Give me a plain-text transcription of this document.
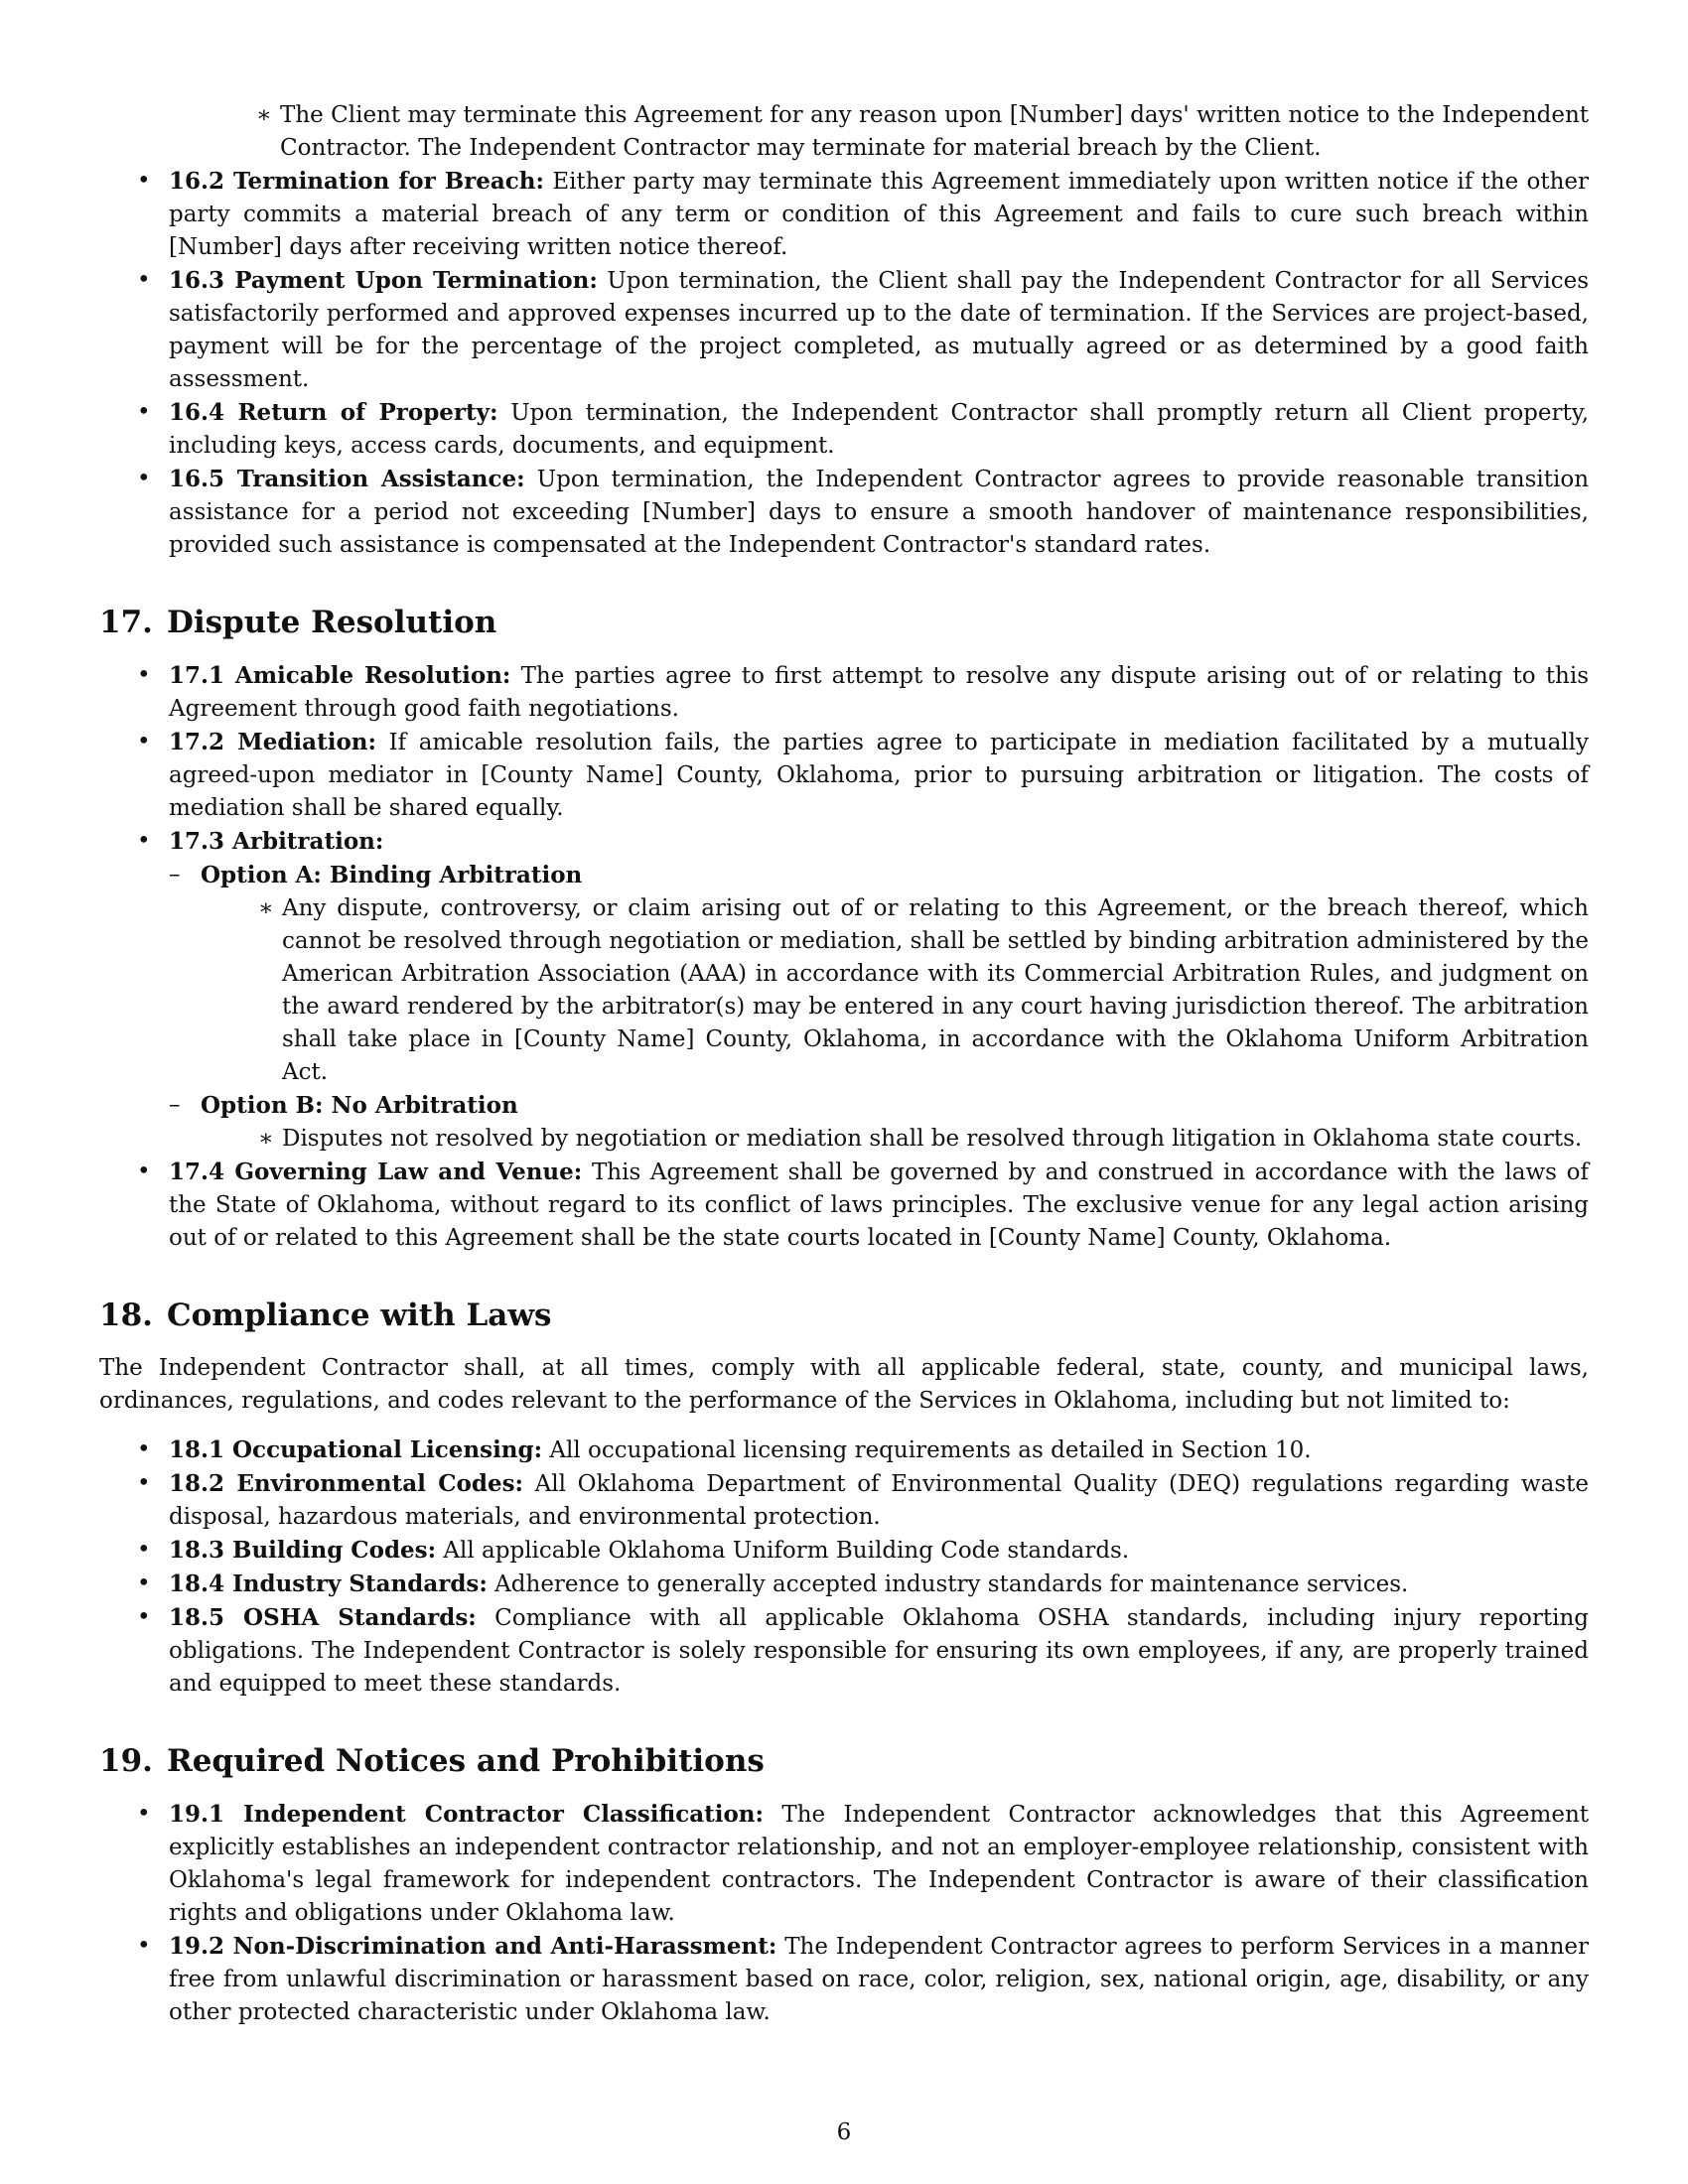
∗ The Client may terminate this Agreement for any reason upon [Number] days' written notice to the Independent Contractor. The Independent Contractor may terminate for material breach by the Client.
• 16.2 Termination for Breach: Either party may terminate this Agreement immediately upon written notice if the other party commits a material breach of any term or condition of this Agreement and fails to cure such breach within [Number] days after receiving written notice thereof.
• 16.3 Payment Upon Termination: Upon termination, the Client shall pay the Independent Contractor for all Services satisfactorily performed and approved expenses incurred up to the date of termination. If the Services are project-based, payment will be for the percentage of the project completed, as mutually agreed or as determined by a good faith assessment.
• 16.4 Return of Property: Upon termination, the Independent Contractor shall promptly return all Client property, including keys, access cards, documents, and equipment.
• 16.5 Transition Assistance: Upon termination, the Independent Contractor agrees to provide reasonable transition assistance for a period not exceeding [Number] days to ensure a smooth handover of maintenance responsibilities, provided such assistance is compensated at the Independent Contractor's standard rates.
17. Dispute Resolution
• 17.1 Amicable Resolution: The parties agree to first attempt to resolve any dispute arising out of or relating to this Agreement through good faith negotiations.
• 17.2 Mediation: If amicable resolution fails, the parties agree to participate in mediation facilitated by a mutually agreed-upon mediator in [County Name] County, Oklahoma, prior to pursuing arbitration or litigation. The costs of mediation shall be shared equally.
• 17.3 Arbitration:
– Option A: Binding Arbitration
∗ Any dispute, controversy, or claim arising out of or relating to this Agreement, or the breach thereof, which cannot be resolved through negotiation or mediation, shall be settled by binding arbitration administered by the American Arbitration Association (AAA) in accordance with its Commercial Arbitration Rules, and judgment on the award rendered by the arbitrator(s) may be entered in any court having jurisdiction thereof. The arbitration shall take place in [County Name] County, Oklahoma, in accordance with the Oklahoma Uniform Arbitration Act.
– Option B: No Arbitration
∗ Disputes not resolved by negotiation or mediation shall be resolved through litigation in Oklahoma state courts.
• 17.4 Governing Law and Venue: This Agreement shall be governed by and construed in accordance with the laws of the State of Oklahoma, without regard to its conflict of laws principles. The exclusive venue for any legal action arising out of or related to this Agreement shall be the state courts located in [County Name] County, Oklahoma.
18. Compliance with Laws

The Independent Contractor shall, at all times, comply with all applicable federal, state, county, and municipal laws, ordinances, regulations, and codes relevant to the performance of the Services in Oklahoma, including but not limited to:

• 18.1 Occupational Licensing: All occupational licensing requirements as detailed in Section 10.
• 18.2 Environmental Codes: All Oklahoma Department of Environmental Quality (DEQ) regulations regarding waste disposal, hazardous materials, and environmental protection.
• 18.3 Building Codes: All applicable Oklahoma Uniform Building Code standards.
• 18.4 Industry Standards: Adherence to generally accepted industry standards for maintenance services.
• 18.5 OSHA Standards: Compliance with all applicable Oklahoma OSHA standards, including injury reporting obligations. The Independent Contractor is solely responsible for ensuring its own employees, if any, are properly trained and equipped to meet these standards.
19. Required Notices and Prohibitions
• 19.1 Independent Contractor Classification: The Independent Contractor acknowledges that this Agreement explicitly establishes an independent contractor relationship, and not an employer-employee relationship, consistent with Oklahoma's legal framework for independent contractors. The Independent Contractor is aware of their classification rights and obligations under Oklahoma law.
• 19.2 Non-Discrimination and Anti-Harassment: The Independent Contractor agrees to perform Services in a manner free from unlawful discrimination or harassment based on race, color, religion, sex, national origin, age, disability, or any other protected characteristic under Oklahoma law.
6
